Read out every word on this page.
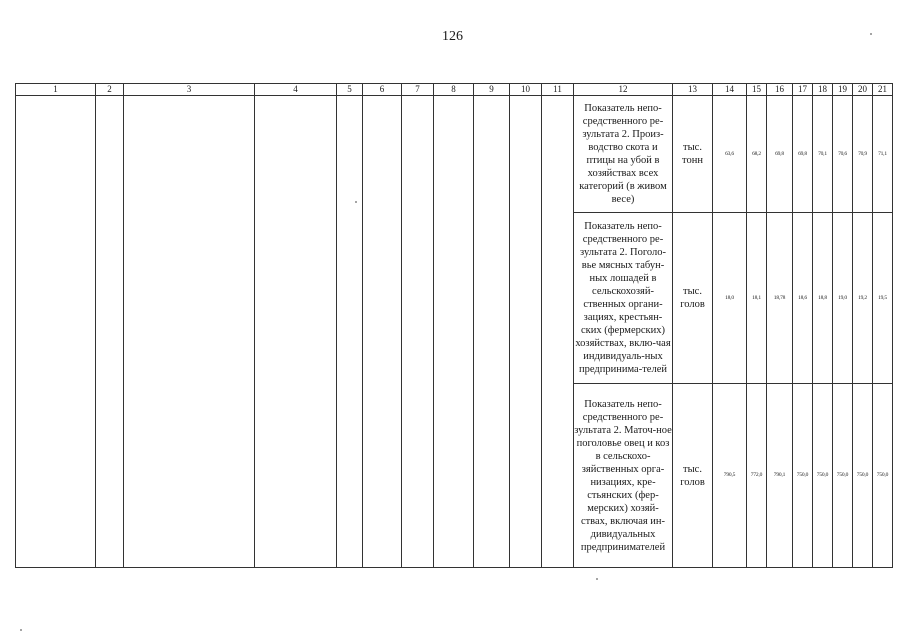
126
1	2	3	4	5	6	7	8	9	10	11	12	13	14	15	16	17	18	19	20	21
											Показатель непо-средственного ре-зультата 2. Произ-водство скота и птицы на убой в хозяйствах всех категорий (в живом весе)	тыс. тонн	63,6	68,2	69,8	69,8	70,1	70,6	70,9	71,1
											Показатель непо-средственного ре-зультата 2. Поголо-вье мясных табун-ных лошадей в сельскохозяй-ственных органи-зациях, крестьян-ских (фермерских) хозяйствах, вклю-чая индивидуаль-ных предпринима-телей	тыс. голов	18,0	18,1	18,78	18,6	18,8	19,0	19,2	19,5
											Показатель непо-средственного ре-зультата 2. Маточ-ное поголовье овец и коз в сельскохо-зяйственных орга-низациях, кре-стьянских (фер-мерских) хозяй-ствах, включая ин-дивидуальных предпринимателей	тыс. голов	790,5	772,0	790,1	750,0	750,0	750,0	750,0	750,0
